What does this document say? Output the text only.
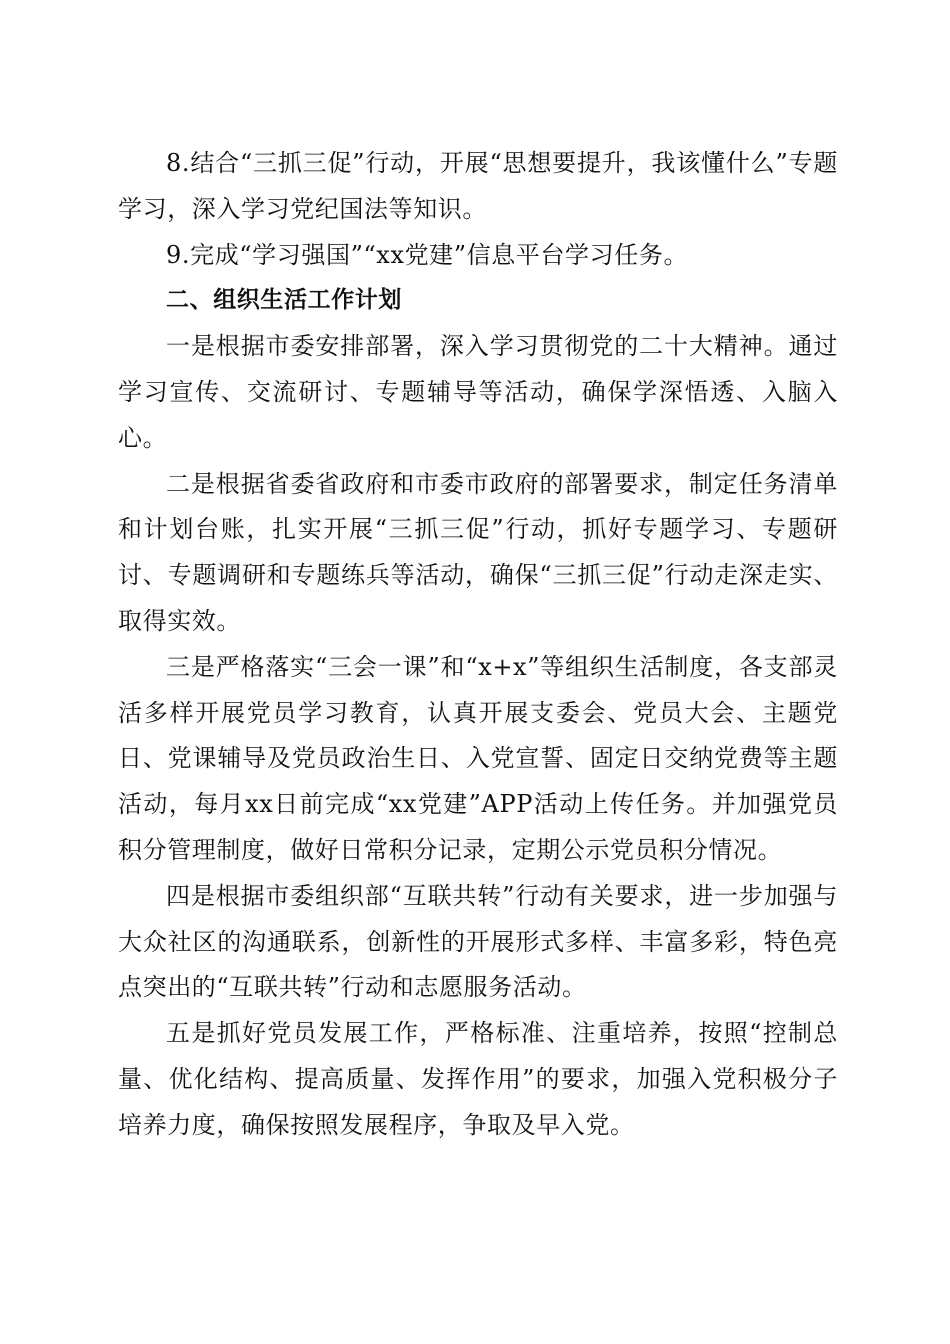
8.结合“三抓三促”行动，开展“思想要提升，我该懂什么”专题学习，深入学习党纪国法等知识。

9.完成“学习强国”“xx党建”信息平台学习任务。

二、组织生活工作计划

一是根据市委安排部署，深入学习贯彻党的二十大精神。通过学习宣传、交流研讨、专题辅导等活动，确保学深悟透、入脑入心。

二是根据省委省政府和市委市政府的部署要求，制定任务清单和计划台账，扎实开展“三抓三促”行动，抓好专题学习、专题研讨、专题调研和专题练兵等活动，确保“三抓三促”行动走深走实、取得实效。

三是严格落实“三会一课”和“x+x”等组织生活制度，各支部灵活多样开展党员学习教育，认真开展支委会、党员大会、主题党日、党课辅导及党员政治生日、入党宣誓、固定日交纳党费等主题活动，每月xx日前完成“xx党建”APP活动上传任务。并加强党员积分管理制度，做好日常积分记录，定期公示党员积分情况。

四是根据市委组织部“互联共转”行动有关要求，进一步加强与大众社区的沟通联系，创新性的开展形式多样、丰富多彩，特色亮点突出的“互联共转”行动和志愿服务活动。

五是抓好党员发展工作，严格标准、注重培养，按照“控制总量、优化结构、提高质量、发挥作用”的要求，加强入党积极分子培养力度，确保按照发展程序，争取及早入党。
